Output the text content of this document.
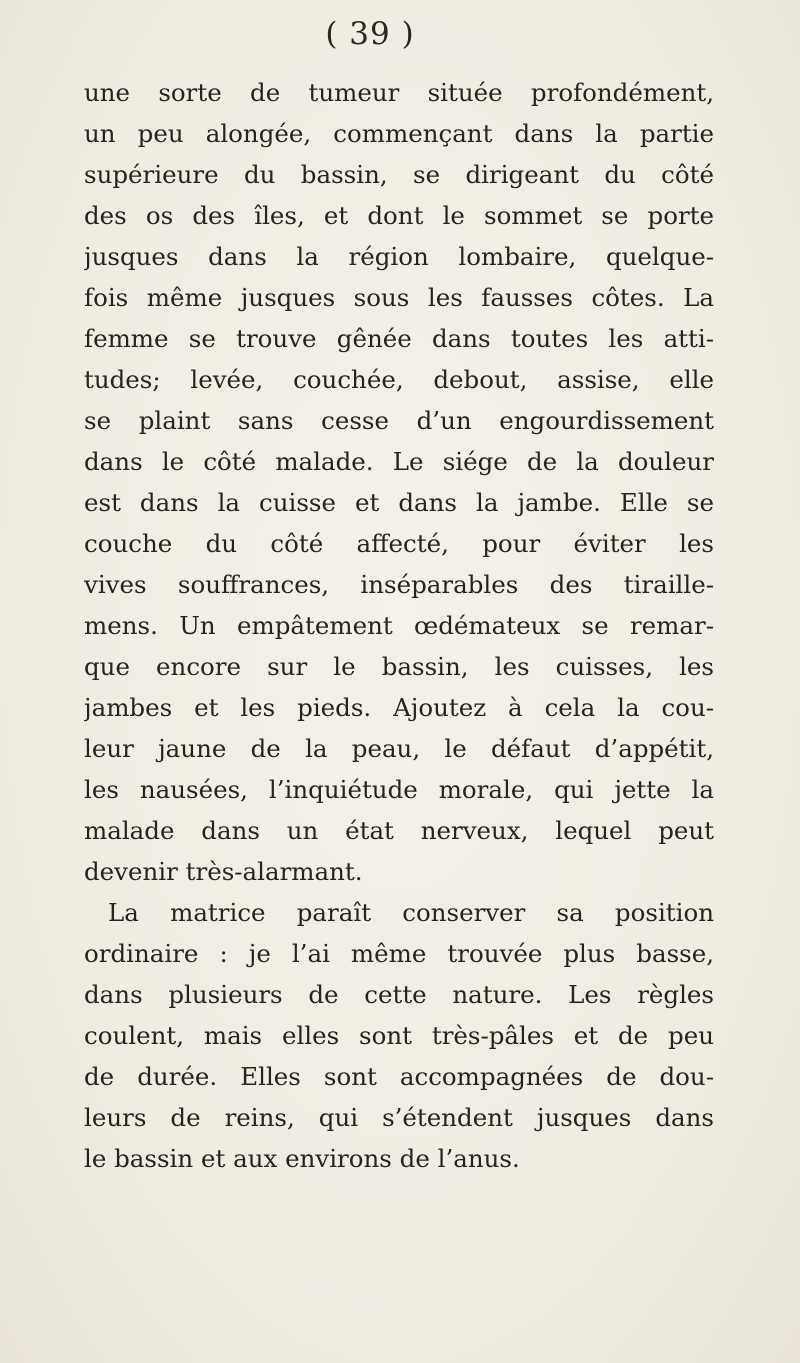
( 39 )
une sorte de tumeur située profondément,
un peu alongée, commençant dans la partie
supérieure du bassin, se dirigeant du côté
des os des îles, et dont le sommet se porte
jusques dans la région lombaire, quelque-
fois même jusques sous les fausses côtes. La
femme se trouve gênée dans toutes les atti-
tudes; levée, couchée, debout, assise, elle
se plaint sans cesse d’un engourdissement
dans le côté malade. Le siége de la douleur
est dans la cuisse et dans la jambe. Elle se
couche du côté affecté, pour éviter les
vives souffrances, inséparables des tiraille-
mens. Un empâtement œdémateux se remar-
que encore sur le bassin, les cuisses, les
jambes et les pieds. Ajoutez à cela la cou-
leur jaune de la peau, le défaut d’appétit,
les nausées, l’inquiétude morale, qui jette la
malade dans un état nerveux, lequel peut
devenir très-alarmant.
La matrice paraît conserver sa position
ordinaire : je l’ai même trouvée plus basse,
dans plusieurs de cette nature. Les règles
coulent, mais elles sont très-pâles et de peu
de durée. Elles sont accompagnées de dou-
leurs de reins, qui s’étendent jusques dans
le bassin et aux environs de l’anus.
